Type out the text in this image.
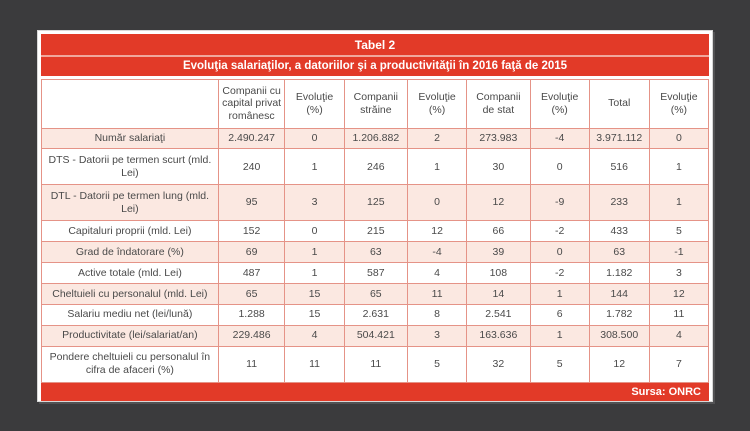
Tabel 2
Evoluţia salariaţilor, a datoriilor şi a productivităţii în 2016 faţă de 2015
	Companii cu capital privat românesc	Evoluţie (%)	Companii străine	Evoluţie (%)	Companii de stat	Evoluţie (%)	Total	Evoluţie (%)
Număr salariaţi	2.490.247	0	1.206.882	2	273.983	-4	3.971.112	0
DTS - Datorii pe termen scurt (mld. Lei)	240	1	246	1	30	0	516	1
DTL - Datorii pe termen lung (mld. Lei)	95	3	125	0	12	-9	233	1
Capitaluri proprii (mld. Lei)	152	0	215	12	66	-2	433	5
Grad de îndatorare (%)	69	1	63	-4	39	0	63	-1
Active totale (mld. Lei)	487	1	587	4	108	-2	1.182	3
Cheltuieli cu personalul (mld. Lei)	65	15	65	11	14	1	144	12
Salariu mediu net (lei/lună)	1.288	15	2.631	8	2.541	6	1.782	11
Productivitate (lei/salariat/an)	229.486	4	504.421	3	163.636	1	308.500	4
Pondere cheltuieli cu personalul în cifra de afaceri (%)	11	11	11	5	32	5	12	7
Sursa: ONRC
